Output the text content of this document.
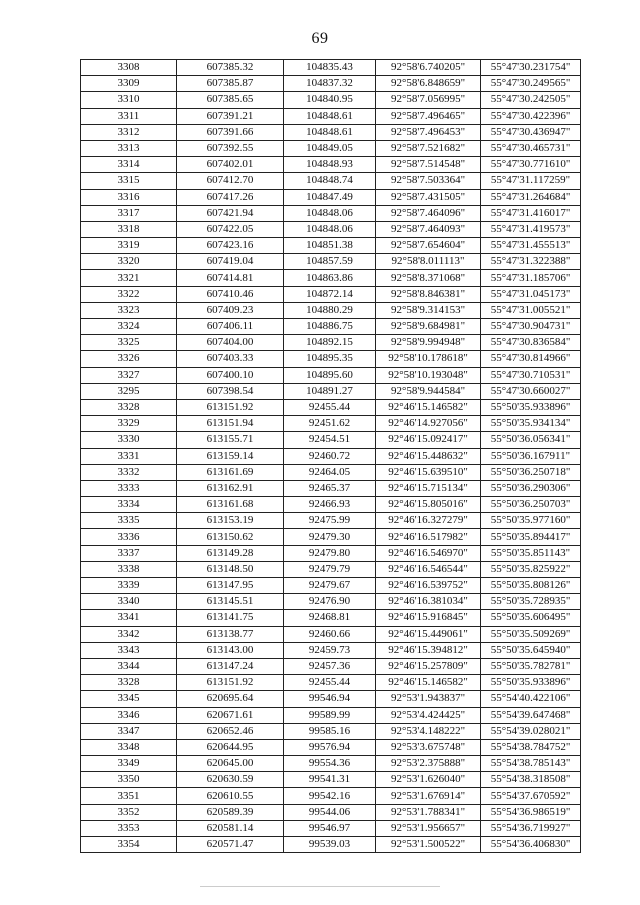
69
3308	607385.32	104835.43	92°58'6.740205"	55°47'30.231754"
3309	607385.87	104837.32	92°58'6.848659"	55°47'30.249565"
3310	607385.65	104840.95	92°58'7.056995"	55°47'30.242505"
3311	607391.21	104848.61	92°58'7.496465"	55°47'30.422396"
3312	607391.66	104848.61	92°58'7.496453"	55°47'30.436947"
3313	607392.55	104849.05	92°58'7.521682"	55°47'30.465731"
3314	607402.01	104848.93	92°58'7.514548"	55°47'30.771610"
3315	607412.70	104848.74	92°58'7.503364"	55°47'31.117259"
3316	607417.26	104847.49	92°58'7.431505"	55°47'31.264684"
3317	607421.94	104848.06	92°58'7.464096"	55°47'31.416017"
3318	607422.05	104848.06	92°58'7.464093"	55°47'31.419573"
3319	607423.16	104851.38	92°58'7.654604"	55°47'31.455513"
3320	607419.04	104857.59	92°58'8.011113"	55°47'31.322388"
3321	607414.81	104863.86	92°58'8.371068"	55°47'31.185706"
3322	607410.46	104872.14	92°58'8.846381"	55°47'31.045173"
3323	607409.23	104880.29	92°58'9.314153"	55°47'31.005521"
3324	607406.11	104886.75	92°58'9.684981"	55°47'30.904731"
3325	607404.00	104892.15	92°58'9.994948"	55°47'30.836584"
3326	607403.33	104895.35	92°58'10.178618"	55°47'30.814966"
3327	607400.10	104895.60	92°58'10.193048"	55°47'30.710531"
3295	607398.54	104891.27	92°58'9.944584"	55°47'30.660027"
3328	613151.92	92455.44	92°46'15.146582"	55°50'35.933896"
3329	613151.94	92451.62	92°46'14.927056"	55°50'35.934134"
3330	613155.71	92454.51	92°46'15.092417"	55°50'36.056341"
3331	613159.14	92460.72	92°46'15.448632"	55°50'36.167911"
3332	613161.69	92464.05	92°46'15.639510"	55°50'36.250718"
3333	613162.91	92465.37	92°46'15.715134"	55°50'36.290306"
3334	613161.68	92466.93	92°46'15.805016"	55°50'36.250703"
3335	613153.19	92475.99	92°46'16.327279"	55°50'35.977160"
3336	613150.62	92479.30	92°46'16.517982"	55°50'35.894417"
3337	613149.28	92479.80	92°46'16.546970"	55°50'35.851143"
3338	613148.50	92479.79	92°46'16.546544"	55°50'35.825922"
3339	613147.95	92479.67	92°46'16.539752"	55°50'35.808126"
3340	613145.51	92476.90	92°46'16.381034"	55°50'35.728935"
3341	613141.75	92468.81	92°46'15.916845"	55°50'35.606495"
3342	613138.77	92460.66	92°46'15.449061"	55°50'35.509269"
3343	613143.00	92459.73	92°46'15.394812"	55°50'35.645940"
3344	613147.24	92457.36	92°46'15.257809"	55°50'35.782781"
3328	613151.92	92455.44	92°46'15.146582"	55°50'35.933896"
3345	620695.64	99546.94	92°53'1.943837"	55°54'40.422106"
3346	620671.61	99589.99	92°53'4.424425"	55°54'39.647468"
3347	620652.46	99585.16	92°53'4.148222"	55°54'39.028021"
3348	620644.95	99576.94	92°53'3.675748"	55°54'38.784752"
3349	620645.00	99554.36	92°53'2.375888"	55°54'38.785143"
3350	620630.59	99541.31	92°53'1.626040"	55°54'38.318508"
3351	620610.55	99542.16	92°53'1.676914"	55°54'37.670592"
3352	620589.39	99544.06	92°53'1.788341"	55°54'36.986519"
3353	620581.14	99546.97	92°53'1.956657"	55°54'36.719927"
3354	620571.47	99539.03	92°53'1.500522"	55°54'36.406830"
